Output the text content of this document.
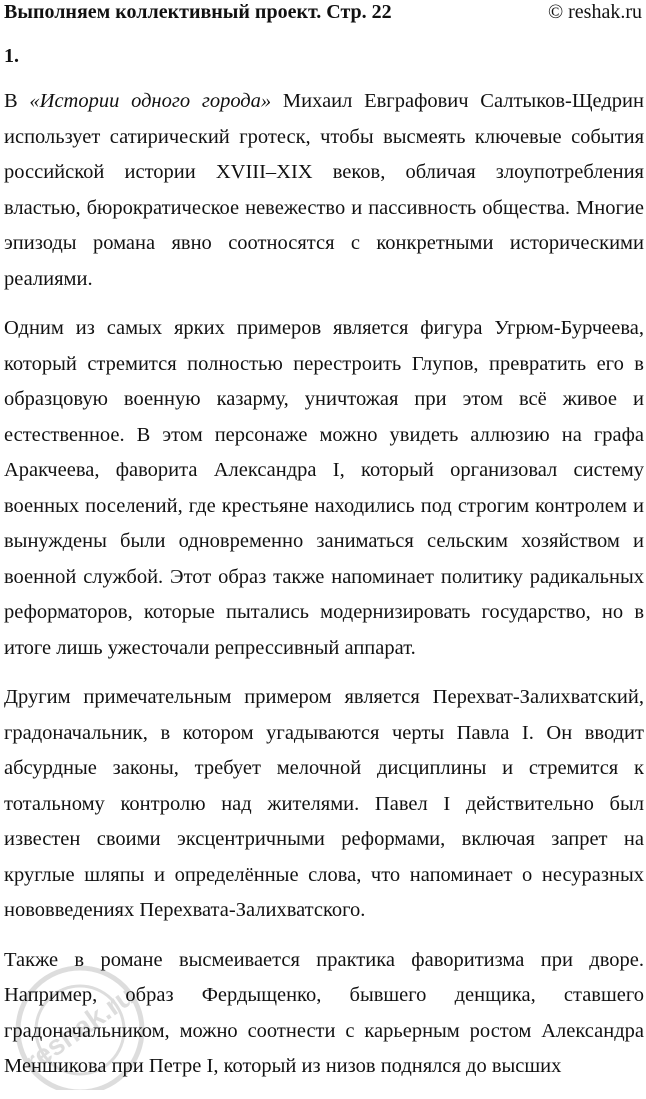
Выполняем коллективный проект. Стр. 22	© reshak.ru
1.

В «Истории одного города» Михаил Евграфович Салтыков-Щедрин использует сатирический гротеск, чтобы высмеять ключевые события российской истории XVIII–XIX веков, обличая злоупотребления властью, бюрократическое невежество и пассивность общества. Многие эпизоды романа явно соотносятся с конкретными историческими реалиями.

Одним из самых ярких примеров является фигура Угрюм-Бурчеева, который стремится полностью перестроить Глупов, превратить его в образцовую военную казарму, уничтожая при этом всё живое и естественное. В этом персонаже можно увидеть аллюзию на графа Аракчеева, фаворита Александра I, который организовал систему военных поселений, где крестьяне находились под строгим контролем и вынуждены были одновременно заниматься сельским хозяйством и военной службой. Этот образ также напоминает политику радикальных реформаторов, которые пытались модернизировать государство, но в итоге лишь ужесточали репрессивный аппарат.

Другим примечательным примером является Перехват-Залихватский, градоначальник, в котором угадываются черты Павла I. Он вводит абсурдные законы, требует мелочной дисциплины и стремится к тотальному контролю над жителями. Павел I действительно был известен своими эксцентричными реформами, включая запрет на круглые шляпы и определённые слова, что напоминает о несуразных нововведениях Перехвата-Залихватского.

Также в романе высмеивается практика фаворитизма при дворе. Например, образ Фердыщенко, бывшего денщика, ставшего градоначальником, можно соотнести с карьерным ростом Александра Меншикова при Петре I, который из низов поднялся до высших

reshak.ru
